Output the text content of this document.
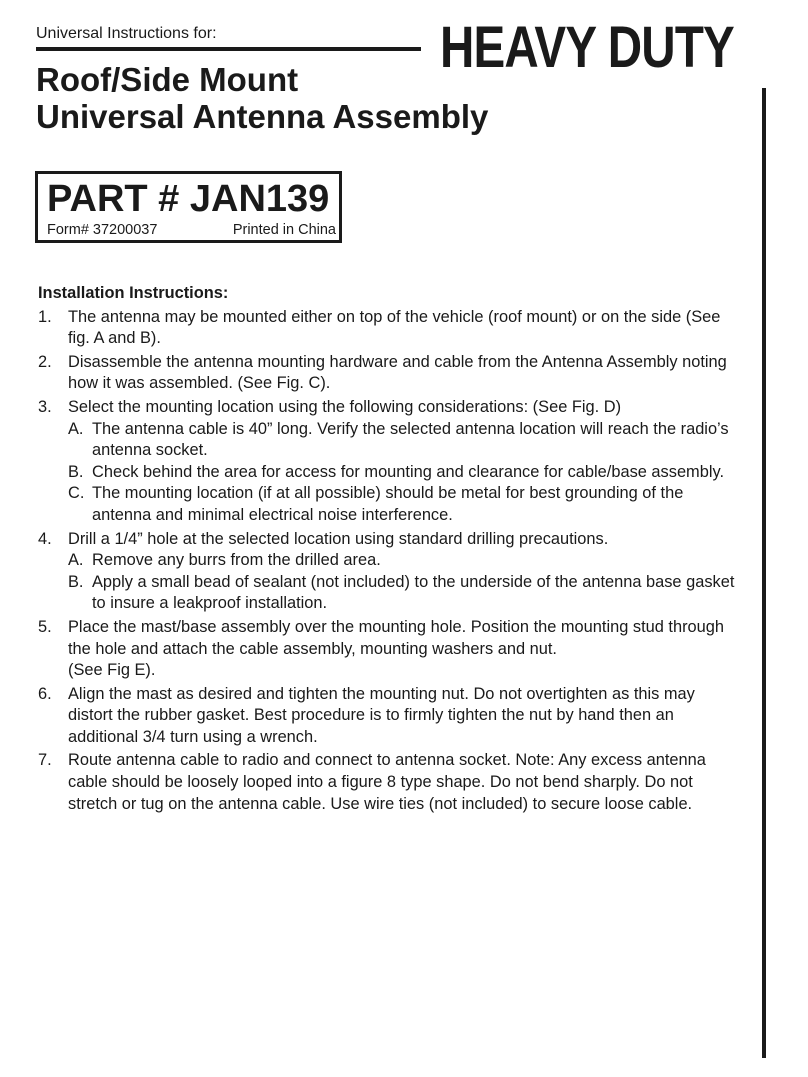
Universal Instructions for:	HEAVY DUTY
Roof/Side Mount
Universal Antenna Assembly
PART # JAN139
Form# 37200037	Printed in China
Installation Instructions:
1. The antenna may be mounted either on top of the vehicle (roof mount) or on the side (See fig. A and B).
2. Disassemble the antenna mounting hardware and cable from the Antenna Assembly noting how it was assembled. (See Fig. C).
3. Select the mounting location using the following considerations: (See Fig. D)
A. The antenna cable is 40” long. Verify the selected antenna location will reach the radio’s antenna socket.
B. Check behind the area for access for mounting and clearance for cable/base assembly.
C. The mounting location (if at all possible) should be metal for best grounding of the antenna and minimal electrical noise interference.
4. Drill a 1/4” hole at the selected location using standard drilling precautions.
A. Remove any burrs from the drilled area.
B. Apply a small bead of sealant (not included) to the underside of the antenna base gasket to insure a leakproof installation.
5. Place the mast/base assembly over the mounting hole. Position the mounting stud through the hole and attach the cable assembly, mounting washers and nut.
(See Fig E).
6. Align the mast as desired and tighten the mounting nut. Do not overtighten as this may distort the rubber gasket. Best procedure is to firmly tighten the nut by hand then an additional 3/4 turn using a wrench.
7. Route antenna cable to radio and connect to antenna socket. Note: Any excess antenna cable should be loosely looped into a figure 8 type shape. Do not bend sharply. Do not stretch or tug on the antenna cable. Use wire ties (not included) to secure loose cable.
